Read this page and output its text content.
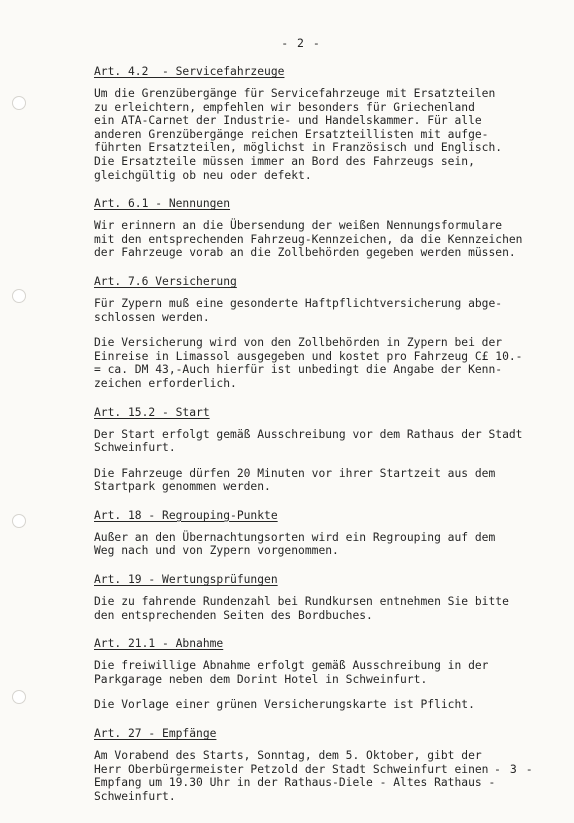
- 2 -
Art. 4.2  - Servicefahrzeuge
Um die Grenzübergänge für Servicefahrzeuge mit Ersatzteilen
zu erleichtern, empfehlen wir besonders für Griechenland
ein ATA-Carnet der Industrie- und Handelskammer. Für alle
anderen Grenzübergänge reichen Ersatzteillisten mit aufge-
führten Ersatzteilen, möglichst in Französisch und Englisch.
Die Ersatzteile müssen immer an Bord des Fahrzeugs sein,
gleichgültig ob neu oder defekt.
Art. 6.1 - Nennungen
Wir erinnern an die Übersendung der weißen Nennungsformulare
mit den entsprechenden Fahrzeug-Kennzeichen, da die Kennzeichen
der Fahrzeuge vorab an die Zollbehörden gegeben werden müssen.
Art. 7.6 Versicherung
Für Zypern muß eine gesonderte Haftpflichtversicherung abge-
schlossen werden.
Die Versicherung wird von den Zollbehörden in Zypern bei der
Einreise in Limassol ausgegeben und kostet pro Fahrzeug C£ 10.-
= ca. DM 43,-Auch hierfür ist unbedingt die Angabe der Kenn-
zeichen erforderlich.
Art. 15.2 - Start
Der Start erfolgt gemäß Ausschreibung vor dem Rathaus der Stadt
Schweinfurt.
Die Fahrzeuge dürfen 20 Minuten vor ihrer Startzeit aus dem
Startpark genommen werden.
Art. 18 - Regrouping-Punkte
Außer an den Übernachtungsorten wird ein Regrouping auf dem
Weg nach und von Zypern vorgenommen.
Art. 19 - Wertungsprüfungen
Die zu fahrende Rundenzahl bei Rundkursen entnehmen Sie bitte
den entsprechenden Seiten des Bordbuches.
Art. 21.1 - Abnahme
Die freiwillige Abnahme erfolgt gemäß Ausschreibung in der
Parkgarage neben dem Dorint Hotel in Schweinfurt.
Die Vorlage einer grünen Versicherungskarte ist Pflicht.
Art. 27 - Empfänge
Am Vorabend des Starts, Sonntag, dem 5. Oktober, gibt der
Herr Oberbürgermeister Petzold der Stadt Schweinfurt einen
Empfang um 19.30 Uhr in der Rathaus-Diele - Altes Rathaus -
Schweinfurt.
- 3 -
